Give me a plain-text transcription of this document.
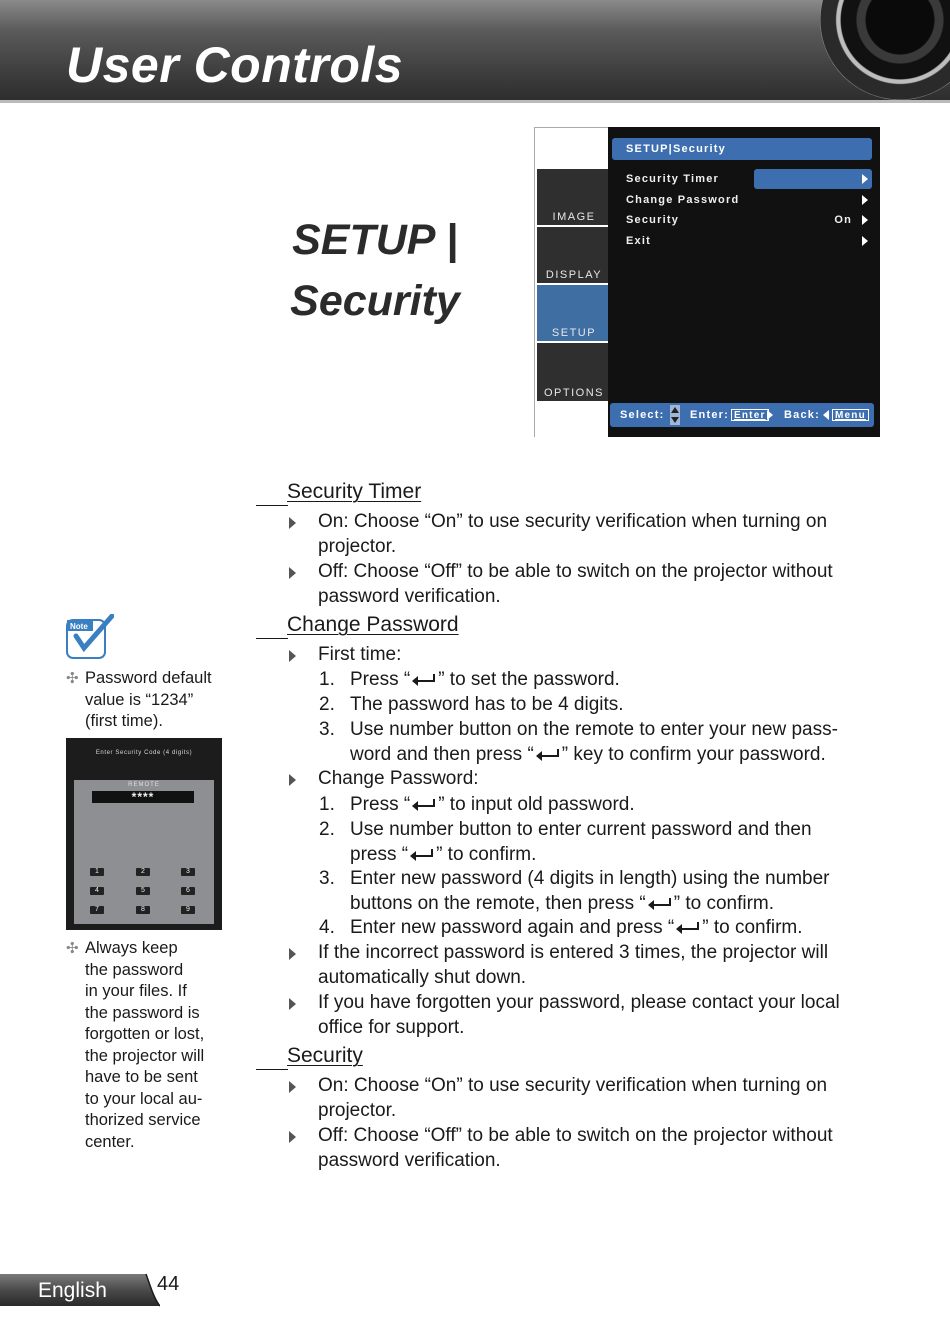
User Controls
SETUP |
Security
IMAGE
DISPLAY
SETUP
OPTIONS
SETUP|Security
Security Timer
Change Password
Security	On
Exit
Select: Enter: Enter Back:	Menu
Note
✣ Password default
value is “1234”
(first time).
Enter Security Code (4 digits)
REMOTE
****
1	2	3
4	5	6
7	8	9
✣ Always keep
the password
in your files. If
the password is
forgotten or lost,
the projector will
have to be sent
to your local au-
thorized service
center.
Security Timer
On: Choose “On” to use security verification when turning on
projector.
Off: Choose “Off” to be able to switch on the projector without
password verification.
Change Password
First time:
1. Press “ ” to set the password.
2. The password has to be 4 digits.
3. Use number button on the remote to enter your new pass-
word and then press “ ” key to confirm your password.
Change Password:
1. Press “ ” to input old password.
2. Use number button to enter current password and then
press “ ” to confirm.
3. Enter new password (4 digits in length) using the number
buttons on the remote, then press “ ” to confirm.
4. Enter new password again and press “ ” to confirm.
If the incorrect password is entered 3 times, the projector will
automatically shut down.
If you have forgotten your password, please contact your local
office for support.
Security
On: Choose “On” to use security verification when turning on
projector.
Off: Choose “Off” to be able to switch on the projector without
password verification.
English	44
